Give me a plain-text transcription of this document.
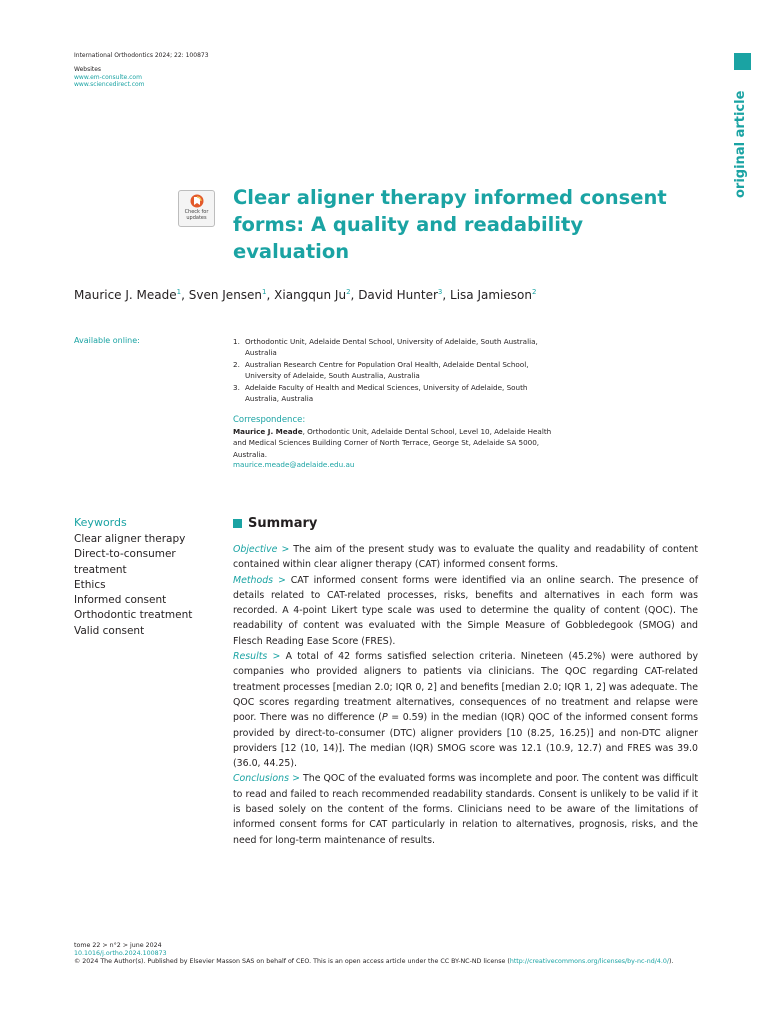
International Orthodontics 2024; 22: 100873
Websites
www.em-consulte.com
www.sciencedirect.com
original article
Check for
updates
Clear aligner therapy informed consent forms: A quality and readability evaluation
Maurice J. Meade$^1$, Sven Jensen$^1$, Xiangqun Ju$^2$, David Hunter$^3$, Lisa Jamieson$^2$
Available online:	1. Orthodontic Unit, Adelaide Dental School, University of Adelaide, South Australia, Australia
2. Australian Research Centre for Population Oral Health, Adelaide Dental School, University of Adelaide, South Australia, Australia
3. Adelaide Faculty of Health and Medical Sciences, University of Adelaide, South Australia, Australia
Correspondence:
Maurice J. Meade, Orthodontic Unit, Adelaide Dental School, Level 10, Adelaide Health and Medical Sciences Building Corner of North Terrace, George St, Adelaide SA 5000, Australia.
maurice.meade@adelaide.edu.au
Keywords
Clear aligner therapy
Direct-to-consumer treatment
Ethics
Informed consent
Orthodontic treatment
Valid consent
Summary

Objective > The aim of the present study was to evaluate the quality and readability of content contained within clear aligner therapy (CAT) informed consent forms.

Methods > CAT informed consent forms were identified via an online search. The presence of details related to CAT-related processes, risks, benefits and alternatives in each form was recorded. A 4-point Likert type scale was used to determine the quality of content (QOC). The readability of content was evaluated with the Simple Measure of Gobbledegook (SMOG) and Flesch Reading Ease Score (FRES).

Results > A total of 42 forms satisfied selection criteria. Nineteen (45.2%) were authored by companies who provided aligners to patients via clinicians. The QOC regarding CAT-related treatment processes [median 2.0; IQR 0, 2] and benefits [median 2.0; IQR 1, 2] was adequate. The QOC scores regarding treatment alternatives, consequences of no treatment and relapse were poor. There was no difference (P = 0.59) in the median (IQR) QOC of the informed consent forms provided by direct-to-consumer (DTC) aligner providers [10 (8.25, 16.25)] and non-DTC aligner providers [12 (10, 14)]. The median (IQR) SMOG score was 12.1 (10.9, 12.7) and FRES was 39.0 (36.0, 44.25).

Conclusions > The QOC of the evaluated forms was incomplete and poor. The content was difficult to read and failed to reach recommended readability standards. Consent is unlikely to be valid if it is based solely on the content of the forms. Clinicians need to be aware of the limitations of informed consent forms for CAT particularly in relation to alternatives, prognosis, risks, and the need for long-term maintenance of results.

tome 22 > n°2 > june 2024
10.1016/j.ortho.2024.100873
© 2024 The Author(s). Published by Elsevier Masson SAS on behalf of CEO. This is an open access article under the CC BY-NC-ND license (http://creativecommons.org/licenses/by-nc-nd/4.0/).
